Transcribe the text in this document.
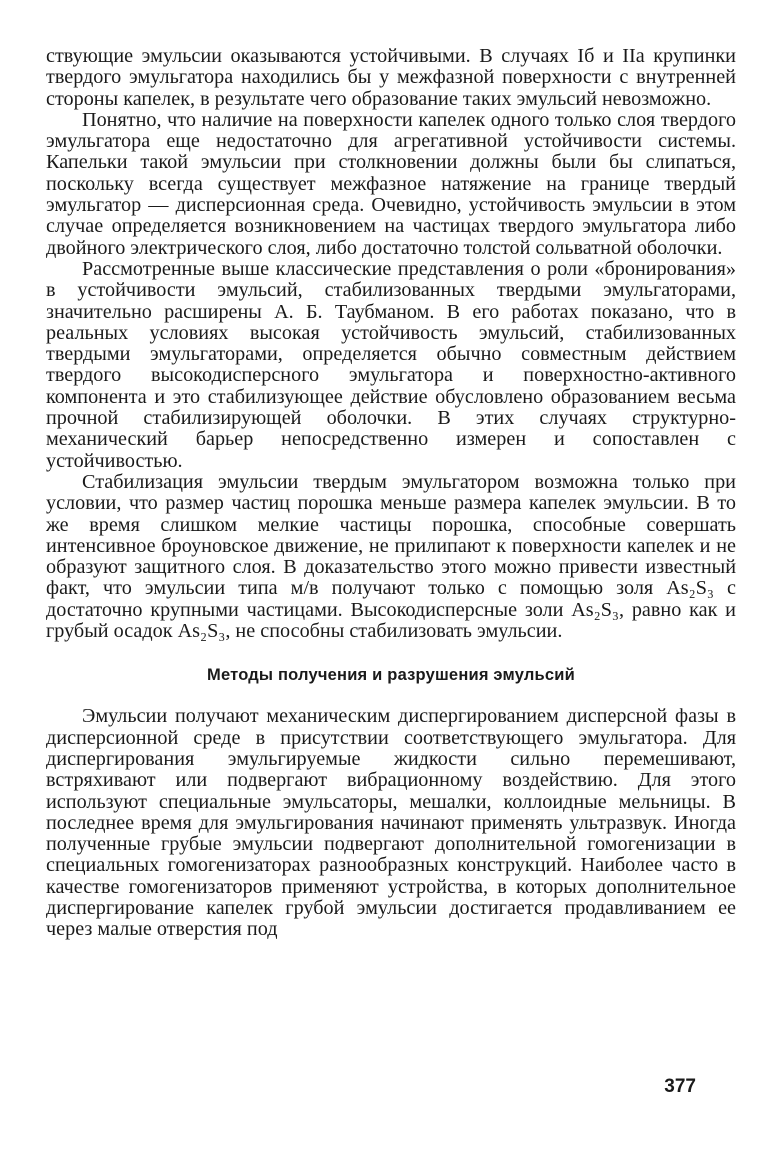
ствующие эмульсии оказываются устойчивыми. В случаях Iб и IIa крупинки твердого эмульгатора находились бы у межфазной поверхности с внутренней стороны капелек, в результате чего образование таких эмульсий невозможно.

Понятно, что наличие на поверхности капелек одного только слоя твердого эмульгатора еще недостаточно для агрегативной устойчивости системы. Капельки такой эмульсии при столкновении должны были бы слипаться, поскольку всегда существует межфазное натяжение на границе твердый эмульгатор — дисперсионная среда. Очевидно, устойчивость эмульсии в этом случае определяется возникновением на частицах твердого эмульгатора либо двойного электрического слоя, либо достаточно толстой сольватной оболочки.

Рассмотренные выше классические представления о роли «бронирования» в устойчивости эмульсий, стабилизованных твердыми эмульгаторами, значительно расширены А. Б. Таубманом. В его работах показано, что в реальных условиях высокая устойчивость эмульсий, стабилизованных твердыми эмульгаторами, определяется обычно совместным действием твердого высокодисперсного эмульгатора и поверхностно-активного компонента и это стабилизующее действие обусловлено образованием весьма прочной стабилизирующей оболочки. В этих случаях структурно-механический барьер непосредственно измерен и сопоставлен с устойчивостью.

Стабилизация эмульсии твердым эмульгатором возможна только при условии, что размер частиц порошка меньше размера капелек эмульсии. В то же время слишком мелкие частицы порошка, способные совершать интенсивное броуновское движение, не прилипают к поверхности капелек и не образуют защитного слоя. В доказательство этого можно привести известный факт, что эмульсии типа м/в получают только с помощью золя As₂S₃ с достаточно крупными частицами. Высокодисперсные золи As₂S₃, равно как и грубый осадок As₂S₃, не способны стабилизовать эмульсии.

Методы получения и разрушения эмульсий

Эмульсии получают механическим диспергированием дисперсной фазы в дисперсионной среде в присутствии соответствующего эмульгатора. Для диспергирования эмульгируемые жидкости сильно перемешивают, встряхивают или подвергают вибрационному воздействию. Для этого используют специальные эмульсаторы, мешалки, коллоидные мельницы. В последнее время для эмульгирования начинают применять ультразвук. Иногда полученные грубые эмульсии подвергают дополнительной гомогенизации в специальных гомогенизаторах разнообразных конструкций. Наиболее часто в качестве гомогенизаторов применяют устройства, в которых дополнительное диспергирование капелек грубой эмульсии достигается продавливанием ее через малые отверстия под

377
